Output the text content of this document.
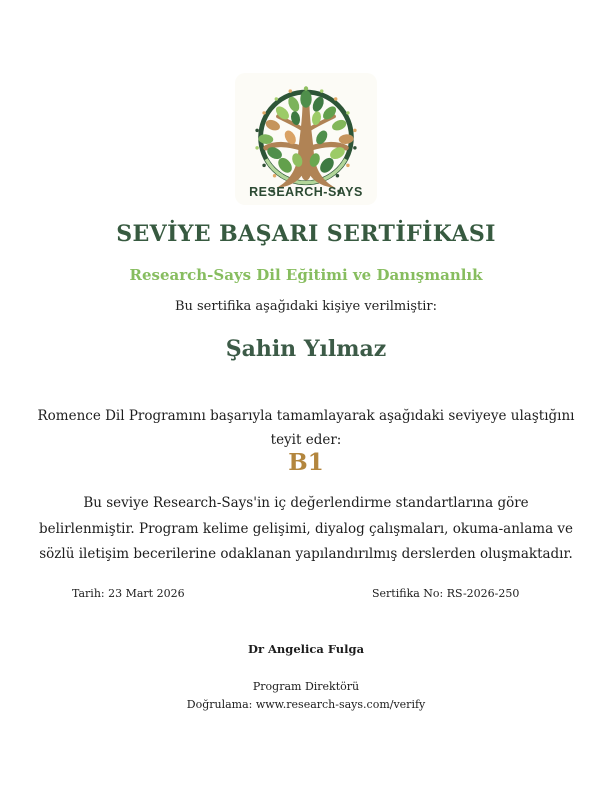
RESEARCH-SAYS
SEVİYE BAŞARI SERTİFİKASI
Research-Says Dil Eğitimi ve Danışmanlık
Bu sertifika aşağıdaki kişiye verilmiştir:
Şahin Yılmaz
Romence Dil Programını başarıyla tamamlayarak aşağıdaki seviyeye ulaştığını
teyit eder:
B1
Bu seviye Research-Says'in iç değerlendirme standartlarına göre
belirlenmiştir. Program kelime gelişimi, diyalog çalışmaları, okuma-anlama ve
sözlü iletişim becerilerine odaklanan yapılandırılmış derslerden oluşmaktadır.
Tarih: 23 Mart 2026	Sertifika No: RS-2026-250
Dr Angelica Fulga
Program Direktörü
Doğrulama: www.research-says.com/verify
